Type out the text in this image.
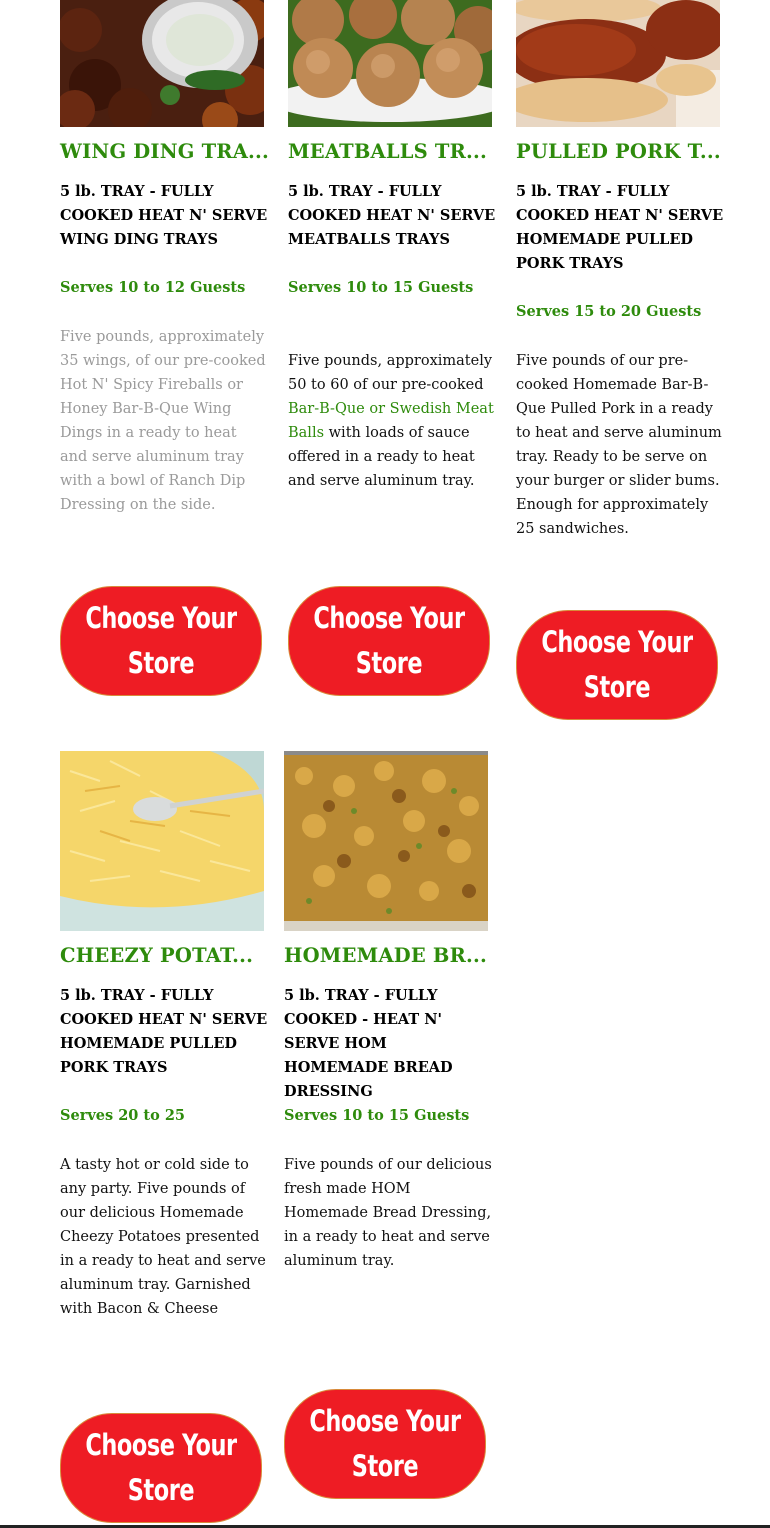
WING DING TRA...
5 lb. TRAY - FULLY COOKED HEAT N' SERVE WING DING TRAYS
Serves 10 to 12 Guests
Five pounds, approximately 35 wings, of our pre-cooked Hot N' Spicy Fireballs or Honey Bar-B-Que Wing Dings in a ready to heat and serve aluminum tray with a bowl of Ranch Dip Dressing on the side.
Choose Your Store
MEATBALLS TR...
5 lb. TRAY - FULLY COOKED HEAT N' SERVE MEATBALLS TRAYS
Serves 10 to 15 Guests
Five pounds, approximately 50 to 60 of our pre-cooked Bar-B-Que or Swedish Meat Balls with loads of sauce offered in a ready to heat and serve aluminum tray.
Choose Your Store
PULLED PORK T...
5 lb. TRAY - FULLY COOKED HEAT N' SERVE HOMEMADE PULLED PORK TRAYS
Serves 15 to 20 Guests
Five pounds of our pre-cooked Homemade Bar-B-Que Pulled Pork in a ready to heat and serve aluminum tray. Ready to be serve on your burger or slider bums. Enough for approximately 25 sandwiches.
Choose Your Store
CHEEZY POTAT...
5 lb. TRAY - FULLY COOKED HEAT N' SERVE HOMEMADE PULLED PORK TRAYS
Serves 20 to 25
A tasty hot or cold side to any party. Five pounds of our delicious Homemade Cheezy Potatoes presented in a ready to heat and serve aluminum tray. Garnished with Bacon & Cheese
Choose Your Store
HOMEMADE BR...
5 lb. TRAY - FULLY COOKED - HEAT N' SERVE HOM HOMEMADE BREAD DRESSING
Serves 10 to 15 Guests
Five pounds of our delicious fresh made HOM Homemade Bread Dressing, in a ready to heat and serve aluminum tray.
Choose Your Store
